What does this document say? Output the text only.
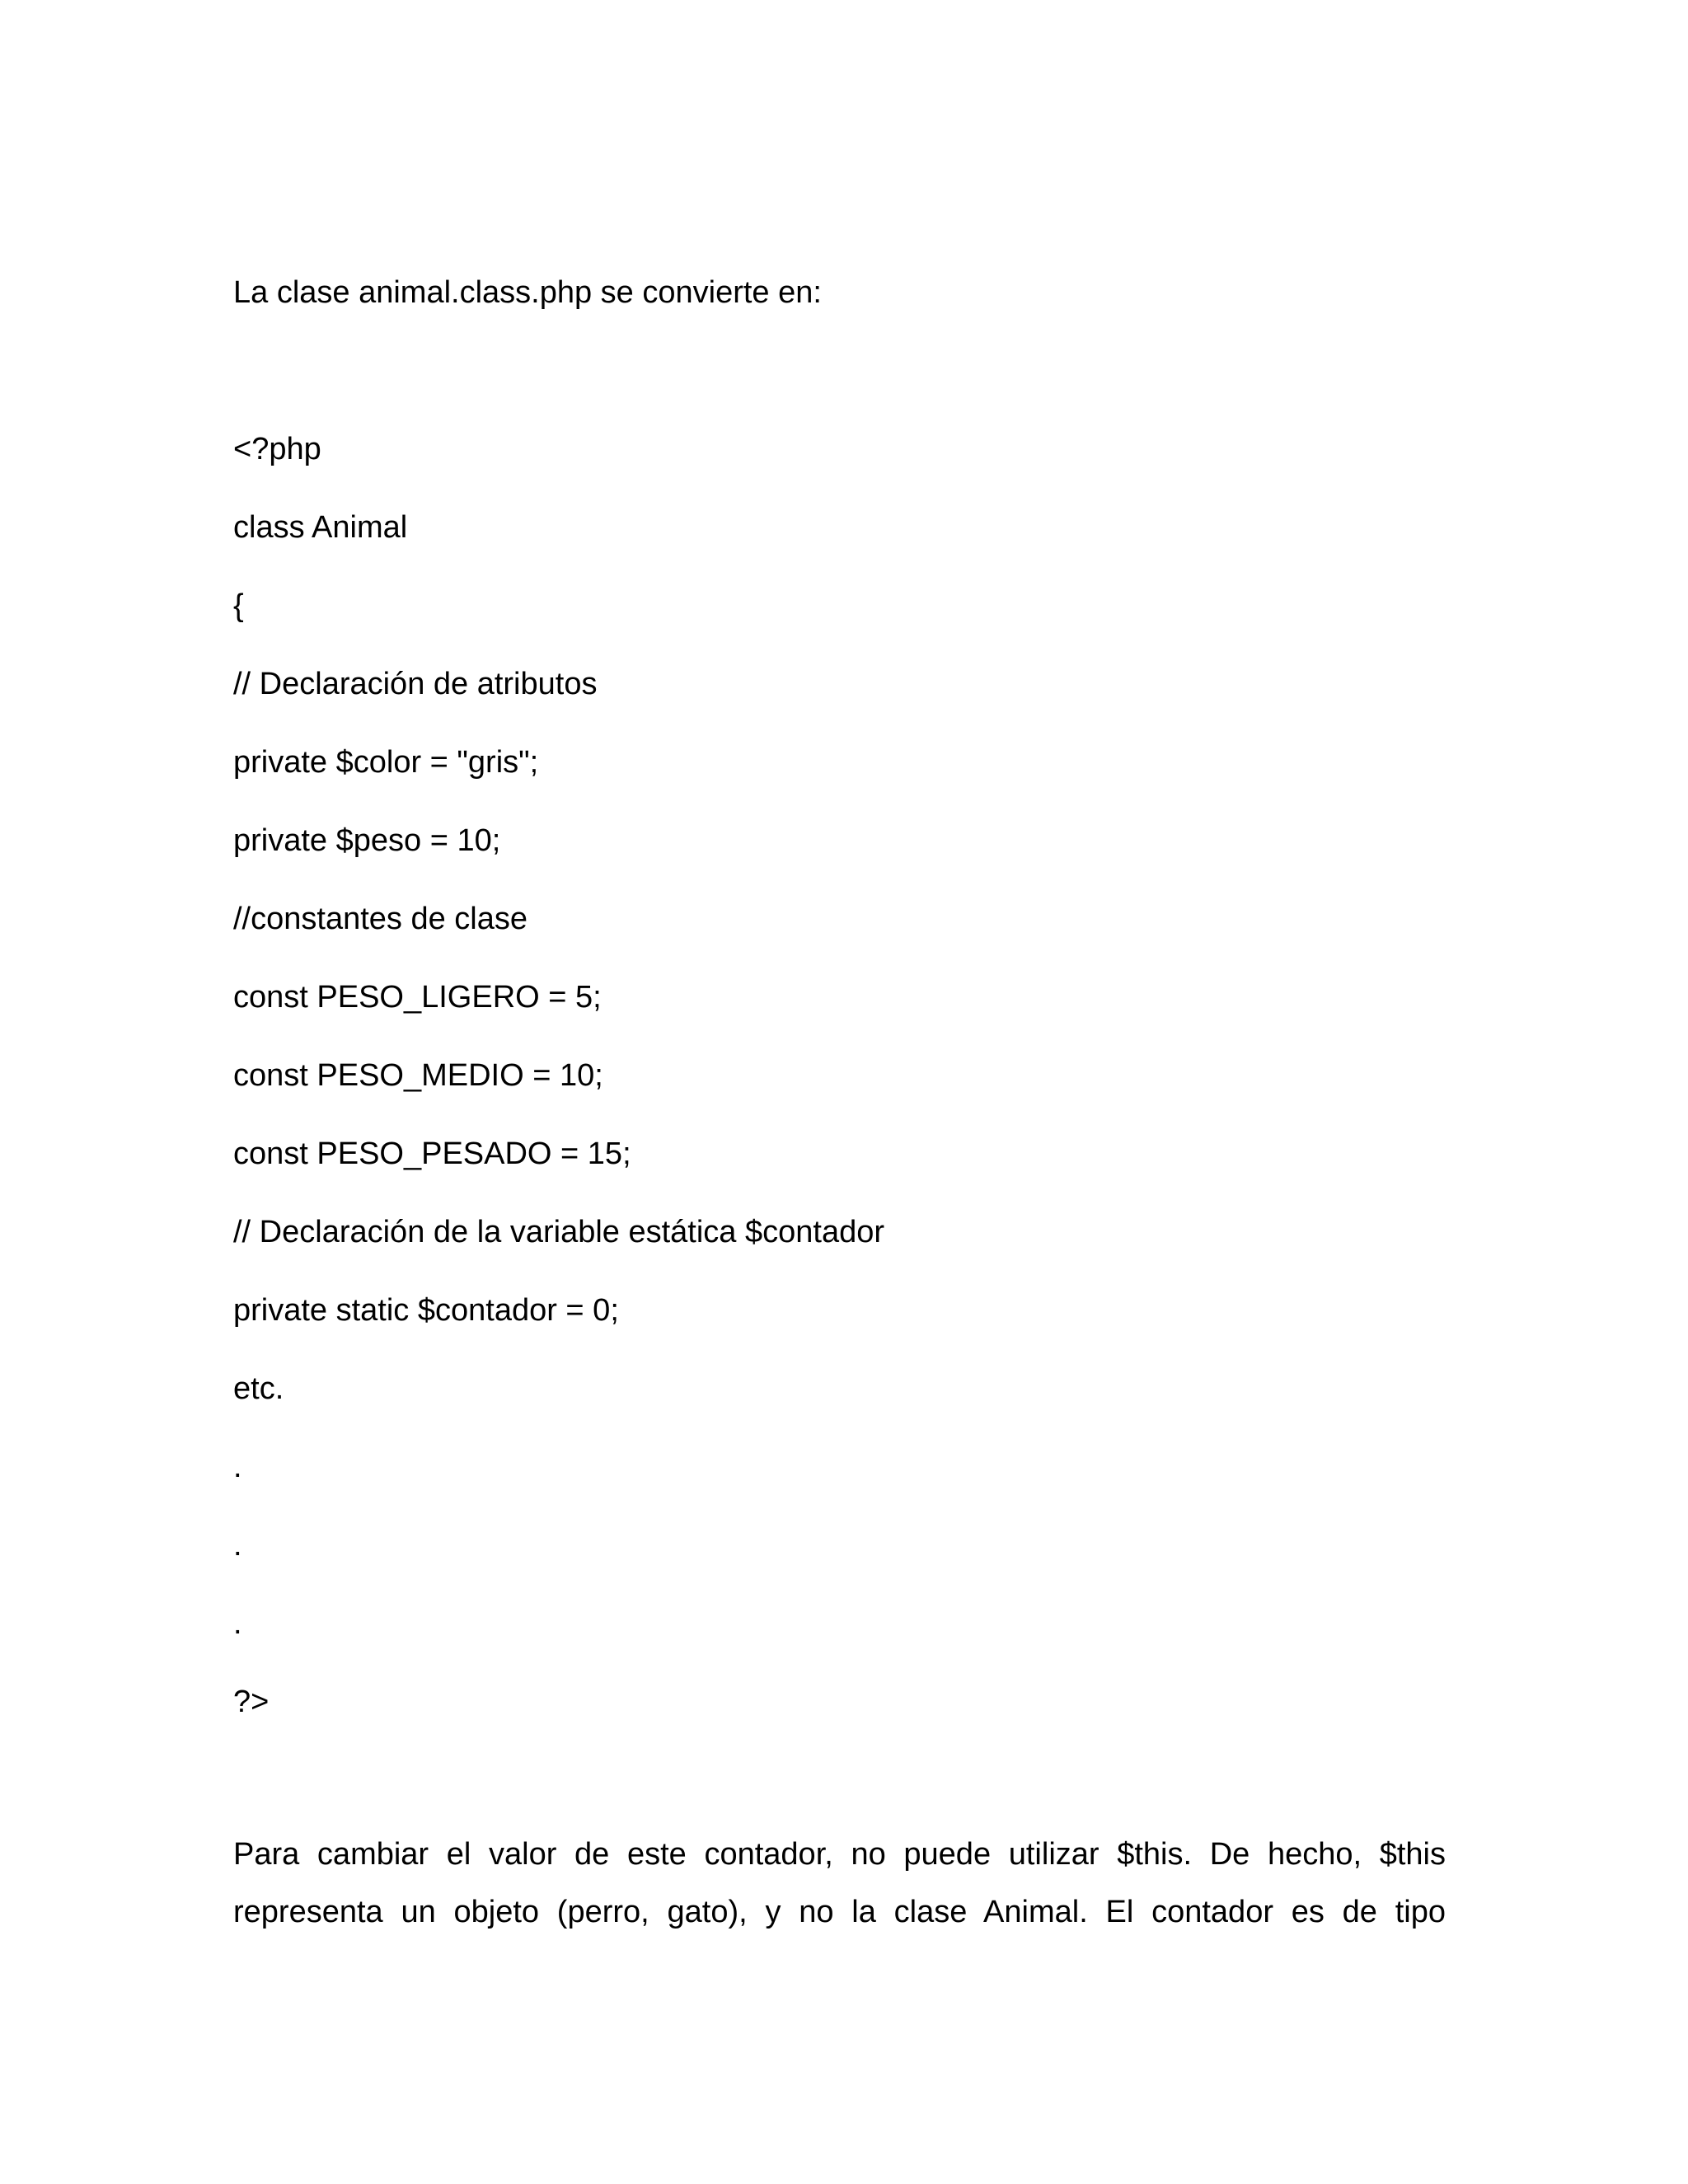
La clase animal.class.php se convierte en:
<?php
class Animal
{
// Declaración de atributos
private $color = "gris";
private $peso = 10;
//constantes de clase
const PESO_LIGERO = 5;
const PESO_MEDIO = 10;
const PESO_PESADO = 15;
// Declaración de la variable estática $contador
private static $contador = 0;
etc.
.
.
.
?>
Para cambiar el valor de este contador, no puede utilizar $this. De hecho, $this
representa un objeto (perro, gato), y no la clase Animal. El contador es de tipo
